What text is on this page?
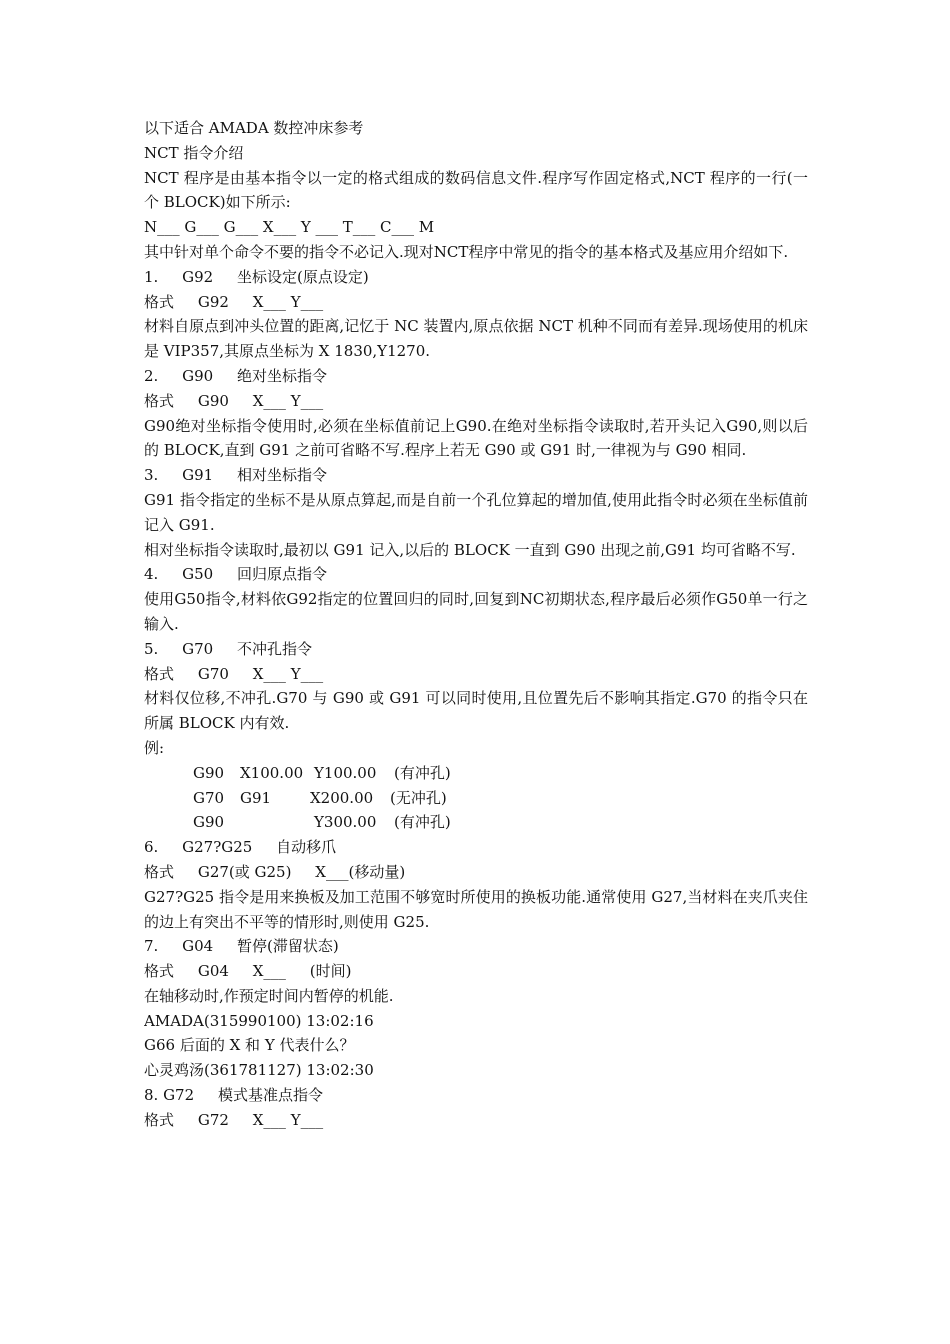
以下适合 AMADA 数控冲床参考
NCT 指令介绍
NCT 程序是由基本指令以一定的格式组成的数码信息文件.程序写作固定格式,NCT 程序的一行(一个 BLOCK)如下所示:
N___ G___ G___ X___ Y ___ T___ C___ M
其中针对单个命令不要的指令不必记入.现对NCT程序中常见的指令的基本格式及基应用介绍如下.
1.     G92     坐标设定(原点设定)
格式     G92     X___ Y___
材料自原点到冲头位置的距离,记忆于 NC 装置内,原点依据 NCT 机种不同而有差异.现场使用的机床是 VIP357,其原点坐标为 X 1830,Y1270.
2.     G90     绝对坐标指令
格式     G90     X___ Y___
G90绝对坐标指令使用时,必须在坐标值前记上G90.在绝对坐标指令读取时,若开头记入G90,则以后的 BLOCK,直到 G91 之前可省略不写.程序上若无 G90 或 G91 时,一律视为与 G90 相同.
3.     G91     相对坐标指令
G91 指令指定的坐标不是从原点算起,而是自前一个孔位算起的增加值,使用此指令时必须在坐标值前记入 G91.
相对坐标指令读取时,最初以 G91 记入,以后的 BLOCK 一直到 G90 出现之前,G91 均可省略不写.
4.     G50     回归原点指令
使用G50指令,材料依G92指定的位置回归的同时,回复到NC初期状态,程序最后必须作G50单一行之输入.
5.     G70     不冲孔指令
格式     G70     X___ Y___
材料仅位移,不冲孔.G70 与 G90 或 G91 可以同时使用,且位置先后不影响其指定.G70 的指令只在所属 BLOCK 内有效.
例:

G90

X100.00

Y100.00

(有冲孔)

G70

G91

	X200.00

(无冲孔)

G90

	Y300.00

(有冲孔)

6.     G27?G25     自动移爪
格式     G27(或 G25)     X___(移动量)
G27?G25 指令是用来换板及加工范围不够宽时所使用的换板功能.通常使用 G27,当材料在夹爪夹住的边上有突出不平等的情形时,则使用 G25.
7.     G04     暂停(滞留状态)
格式     G04     X___     (时间)
在轴移动时,作预定时间内暂停的机能.
AMADA(315990100) 13:02:16
G66 后面的 X 和 Y 代表什么？
心灵鸡汤(361781127) 13:02:30
8. G72     模式基准点指令
格式     G72     X___ Y___
